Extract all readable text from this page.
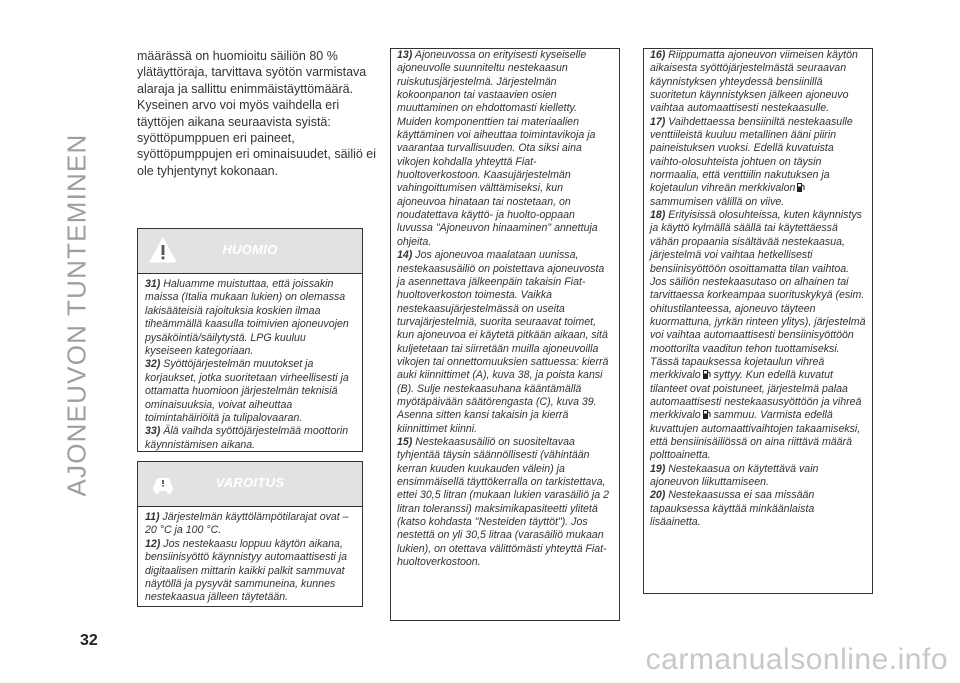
AJONEUVON TUNTEMINEN
32
määrässä on huomioitu säiliön 80 % ylätäyttöraja, tarvittava syötön varmistava alaraja ja sallittu enimmäistäyttömäärä. Kyseinen arvo voi myös vaihdella eri täyttöjen aikana seuraavista syistä: syöttöpumppuen eri paineet, syöttöpumppujen eri ominaisuudet, säiliö ei ole tyhjentynyt kokonaan.
HUOMIO

31) Haluamme muistuttaa, että joissakin maissa (Italia mukaan lukien) on olemassa lakisääteisiä rajoituksia koskien ilmaa tiheämmällä kaasulla toimivien ajoneuvojen pysäköintiä/säilytystä. LPG kuuluu kyseiseen kategoriaan.

32) Syöttöjärjestelmän muutokset ja korjaukset, jotka suoritetaan virheellisesti ja ottamatta huomioon järjestelmän teknisiä ominaisuuksia, voivat aiheuttaa toimintahäiriöitä ja tulipalovaaran.

33) Älä vaihda syöttöjärjestelmää moottorin käynnistämisen aikana.

VAROITUS

11) Järjestelmän käyttölämpötilarajat ovat –20 °C ja 100 °C.

12) Jos nestekaasu loppuu käytön aikana, bensiinisyöttö käynnistyy automaattisesti ja digitaalisen mittarin kaikki palkit sammuvat näytöllä ja pysyvät sammuneina, kunnes nestekaasua jälleen täytetään.

13) Ajoneuvossa on erityisesti kyseiselle ajoneuvolle suunniteltu nestekaasun ruiskutusjärjestelmä. Järjestelmän kokoonpanon tai vastaavien osien muuttaminen on ehdottomasti kielletty. Muiden komponenttien tai materiaalien käyttäminen voi aiheuttaa toimintavikoja ja vaarantaa turvallisuuden. Ota siksi aina vikojen kohdalla yhteyttä Fiat-huoltoverkostoon. Kaasujärjestelmän vahingoittumisen välttämiseksi, kun ajoneuvoa hinataan tai nostetaan, on noudatettava käyttö- ja huolto-oppaan luvussa "Ajoneuvon hinaaminen" annettuja ohjeita.

14) Jos ajoneuvoa maalataan uunissa, nestekaasusäiliö on poistettava ajoneuvosta ja asennettava jälkeenpäin takaisin Fiat-huoltoverkoston toimesta. Vaikka nestekaasujärjestelmässä on useita turvajärjestelmiä, suorita seuraavat toimet, kun ajoneuvoa ei käytetä pitkään aikaan, sitä kuljetetaan tai siirretään muilla ajoneuvoilla vikojen tai onnettomuuksien sattuessa: kierrä auki kiinnittimet (A), kuva 38, ja poista kansi (B). Sulje nestekaasuhana kääntämällä myötäpäivään säätörengasta (C), kuva 39. Asenna sitten kansi takaisin ja kierrä kiinnittimet kiinni.

15) Nestekaasusäiliö on suositeltavaa tyhjentää täysin säännöllisesti (vähintään kerran kuuden kuukauden välein) ja ensimmäisellä täyttökerralla on tarkistettava, ettei 30,5 litran (mukaan lukien varasäiliö ja 2 litran toleranssi) maksimikapasiteetti ylitetä (katso kohdasta "Nesteiden täyttöt"). Jos nestettä on yli 30,5 litraa (varasäiliö mukaan lukien), on otettava välittömästi yhteyttä Fiat-huoltoverkostoon.

16) Riippumatta ajoneuvon viimeisen käytön aikaisesta syöttöjärjestelmästä seuraavan käynnistyksen yhteydessä bensiinillä suoritetun käynnistyksen jälkeen ajoneuvo vaihtaa automaattisesti nestekaasulle.

17) Vaihdettaessa bensiiniltä nestekaasulle venttiileistä kuuluu metallinen ääni piirin paineistuksen vuoksi. Edellä kuvatuista vaihto-olosuhteista johtuen on täysin normaalia, että venttiilin nakutuksen ja kojetaulun vihreän merkkivalon sammumisen välillä on viive.

18) Erityisissä olosuhteissa, kuten käynnistys ja käyttö kylmällä säällä tai käytettäessä vähän propaania sisältävää nestekaasua, järjestelmä voi vaihtaa hetkellisesti bensiinisyöttöön osoittamatta tilan vaihtoa. Jos säiliön nestekaasutaso on alhainen tai tarvittaessa korkeampaa suorituskykyä (esim. ohitustilanteessa, ajoneuvo täyteen kuormattuna, jyrkän rinteen ylitys), järjestelmä voi vaihtaa automaattisesti bensiinisyöttöön moottorilta vaaditun tehon tuottamiseksi. Tässä tapauksessa kojetaulun vihreä merkkivalo syttyy. Kun edellä kuvatut tilanteet ovat poistuneet, järjestelmä palaa automaattisesti nestekaasusyöttöön ja vihreä merkkivalo sammuu. Varmista edellä kuvattujen automaattivaihtojen takaamiseksi, että bensiinisäiliössä on aina riittävä määrä polttoainetta.

19) Nestekaasua on käytettävä vain ajoneuvon liikuttamiseen.

20) Nestekaasussa ei saa missään tapauksessa käyttää minkäänlaista lisäainetta.

carmanualsonline.info
